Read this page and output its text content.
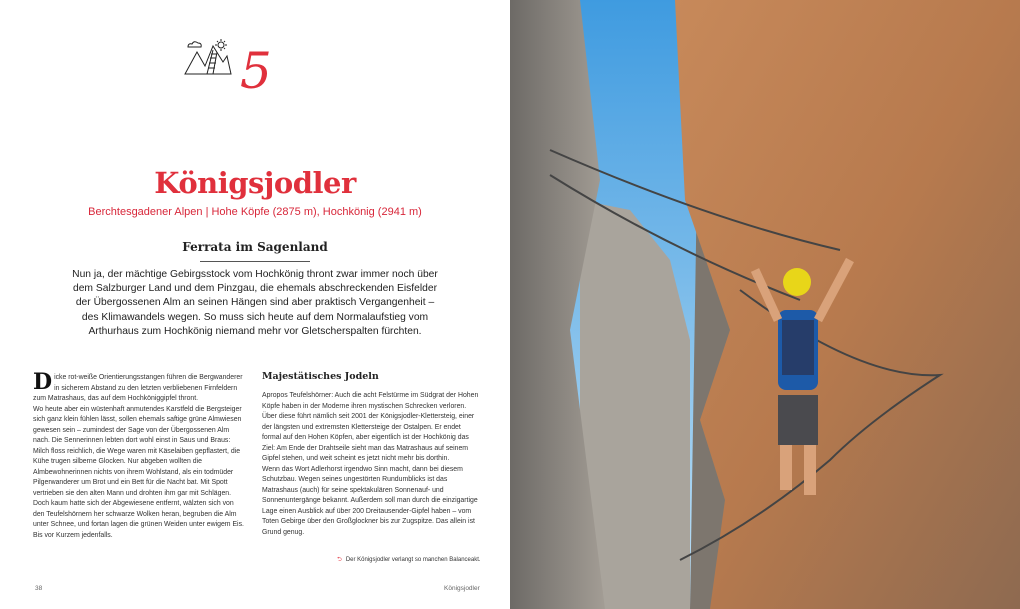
5
Königsjodler
Berchtesgadener Alpen | Hohe Köpfe (2875 m), Hochkönig (2941 m)
Ferrata im Sagenland
Nun ja, der mächtige Gebirgsstock vom Hochkönig thront zwar immer noch über dem Salzburger Land und dem Pinzgau, die ehemals abschreckenden Eisfelder der Übergossenen Alm an seinen Hängen sind aber praktisch Vergangenheit – des Klimawandels wegen. So muss sich heute auf dem Normalaufstieg vom Arthurhaus zum Hochkönig niemand mehr vor Gletscherspalten fürchten.
Dicke rot-weiße Orientierungsstangen führen die Bergwanderer in sicherem Abstand zu den letzten verbliebenen Firnfeldern zum Matrashaus, das auf dem Hochköniggipfel thront.
Wo heute aber ein wüstenhaft anmutendes Karstfeld die Bergsteiger sich ganz klein fühlen lässt, sollen ehemals saftige grüne Almwiesen gewesen sein – zumindest der Sage von der Übergossenen Alm nach. Die Sennerinnen lebten dort wohl einst in Saus und Braus: Milch floss reichlich, die Wege waren mit Käselaiben gepflastert, die Kühe trugen silberne Glocken. Nur abgeben wollten die Almbewohnerinnen nichts von ihrem Wohlstand, als ein todmüder Pilgerwanderer um Brot und ein Bett für die Nacht bat. Mit Spott vertrieben sie den alten Mann und drohten ihm gar mit Schlägen. Doch kaum hatte sich der Abgewiesene entfernt, wälzten sich von den Teufelshörnern her schwarze Wolken heran, begruben die Alm unter Schnee, und fortan lagen die grünen Weiden unter ewigem Eis. Bis vor Kurzem jedenfalls.
Majestätisches Jodeln
Apropos Teufelshörner: Auch die acht Felstürme im Südgrat der Hohen Köpfe haben in der Moderne ihren mystischen Schrecken verloren. Über diese führt nämlich seit 2001 der Königsjodler-Klettersteig, einer der längsten und extremsten Klettersteige der Ostalpen. Er endet formal auf den Hohen Köpfen, aber eigentlich ist der Hochkönig das Ziel: Am Ende der Drahtseile sieht man das Matrashaus auf seinem Gipfel stehen, und weit scheint es jetzt nicht mehr bis dorthin.
Wenn das Wort Adlerhorst irgendwo Sinn macht, dann bei diesem Schutzbau. Wegen seines ungestörten Rundumblicks ist das Matrashaus (auch) für seine spektakulären Sonnenauf- und Sonnenuntergänge bekannt. Außerdem soll man durch die einzigartige Lage einen Ausblick auf über 200 Dreitausender-Gipfel haben – vom Toten Gebirge über den Großglockner bis zur Zugspitze. Das allein ist Grund genug.
⮌ Der Königsjodler verlangt so manchen Balanceakt.
38	Königsjodler
